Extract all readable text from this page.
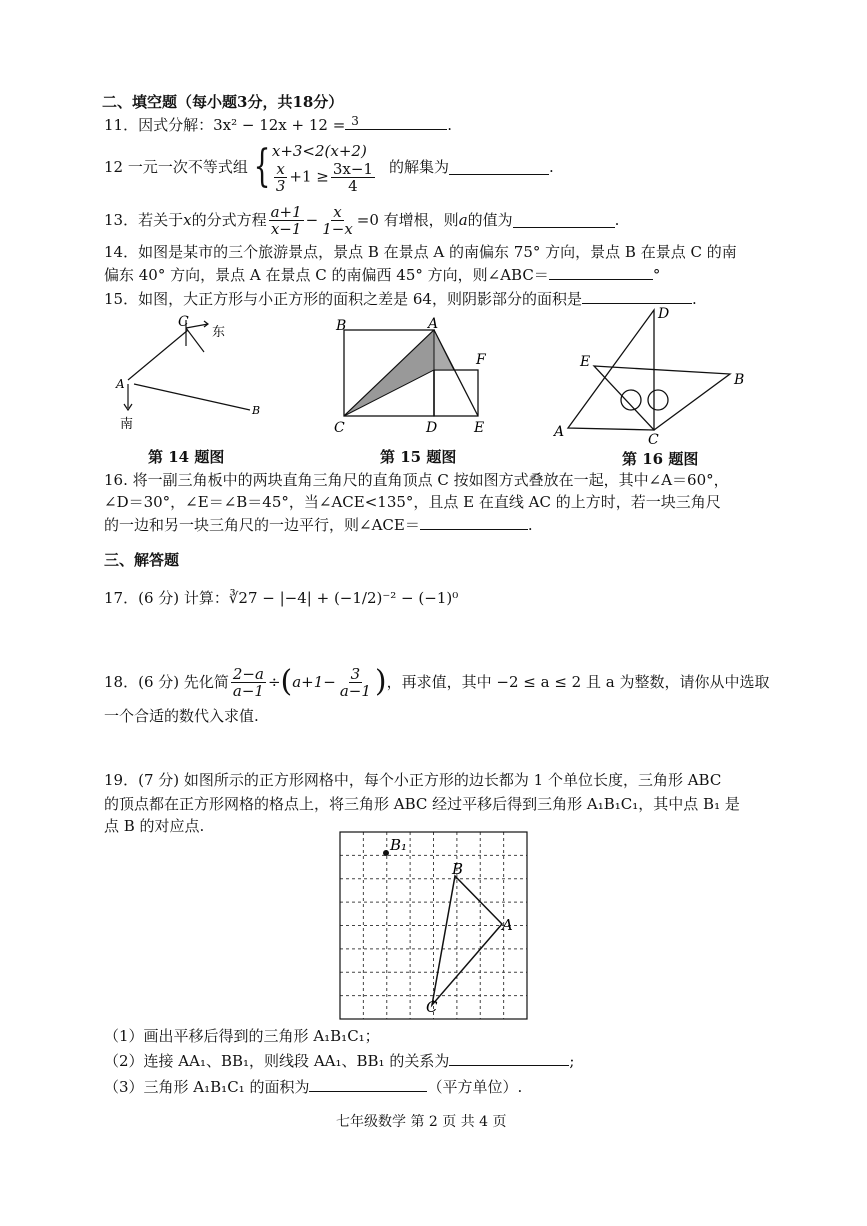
二、填空题（每小题3分，共18分）
11．因式分解：3x² − 12x + 12 = 3	.
12 一元一次不等式组 { x+3<2(x+2)
$\frac{x}{3} +1 \ge \frac{3x-1}{4}$ 的解集为	.
13．若关于 x 的分式方程 $\frac{a+1}{x-1} - \frac{x}{1-x} =0$ 有增根，则 a 的值为	.
14．如图是某市的三个旅游景点，景点 B 在景点 A 的南偏东 75° 方向，景点 B 在景点 C 的南
偏东 40° 方向，景点 A 在景点 C 的南偏西 45° 方向，则∠ABC＝	°
15．如图，大正方形与小正方形的面积之差是 64，则阴影部分的面积是	.
C
东
A
南
B
第 14 题图
B	A
F
C	D	E
第 15 题图
D
E
B
A	C
第 16 题图
16. 将一副三角板中的两块直角三角尺的直角顶点 C 按如图方式叠放在一起，其中∠A＝60°，
∠D＝30°，∠E＝∠B＝45°，当∠ACE<135°，且点 E 在直线 AC 的上方时，若一块三角尺
的一边和另一块三角尺的一边平行，则∠ACE＝	.
三、解答题
17．(6 分) 计算：∛27 − |−4| + (−1/2)⁻² − (−1)⁰
18．(6 分) 先化简 $\frac{2-a}{a-1}$ ÷ ( $a+1- \frac{3}{a-1}$ ) ，再求值，其中 −2 ≤ a ≤ 2 且 a 为整数，请你从中选取
一个合适的数代入求值.
19．(7 分) 如图所示的正方形网格中，每个小正方形的边长都为 1 个单位长度，三角形 ABC
的顶点都在正方形网格的格点上，将三角形 ABC 经过平移后得到三角形 A₁B₁C₁，其中点 B₁ 是
点 B 的对应点.
B₁
B
A
C
（1）画出平移后得到的三角形 A₁B₁C₁；
（2）连接 AA₁、BB₁，则线段 AA₁、BB₁ 的关系为	;
（3）三角形 A₁B₁C₁ 的面积为	（平方单位）.
七年级数学 第 2 页 共 4 页
